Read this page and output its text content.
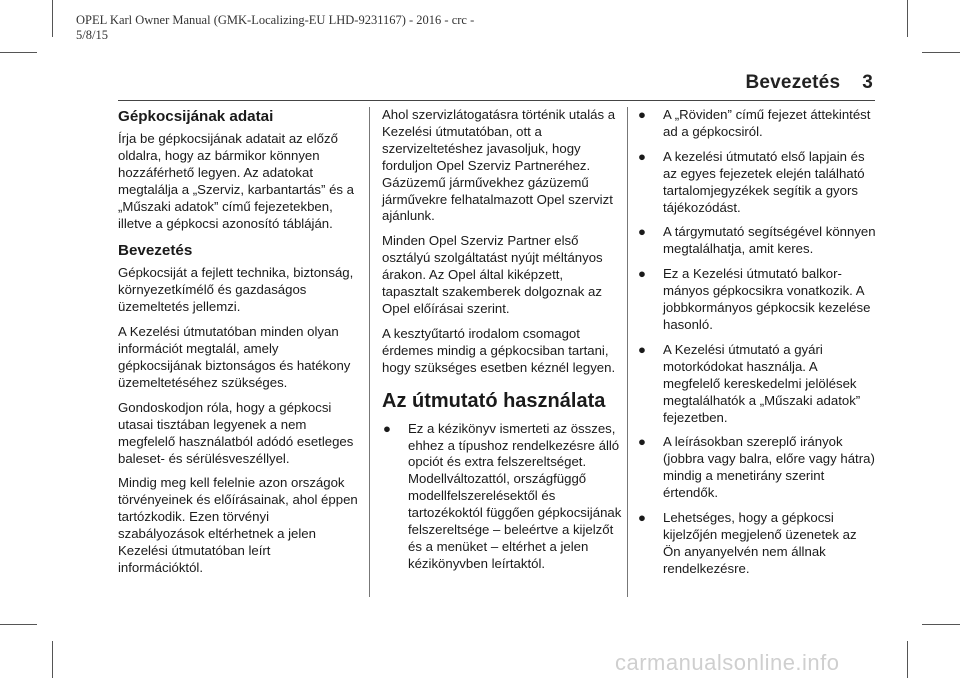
OPEL Karl Owner Manual (GMK-Localizing-EU LHD-9231167) - 2016 - crc -
5/8/15
Bevezetés 3
Gépkocsijának adatai

Írja be gépkocsijának adatait az előző oldalra, hogy az bármikor könnyen hozzáférhető legyen. Az adatokat megtalálja a „Szerviz, karbantartás” és a „Műszaki adatok” című fejezetekben, illetve a gépkocsi azonosító tábláján.

Bevezetés

Gépkocsiját a fejlett technika, biztonság, környezetkímélő és gazdaságos üzemeltetés jellemzi.

A Kezelési útmutatóban minden olyan információt megtalál, amely gépkocsijának biztonságos és hatékony üzemeltetéséhez szükséges.

Gondoskodjon róla, hogy a gépkocsi utasai tisztában legyenek a nem megfelelő használatból adódó esetleges baleset- és sérülésveszéllyel.

Mindig meg kell felelnie azon országok törvényeinek és előírásainak, ahol éppen tartózkodik. Ezen törvényi szabályozások eltérhetnek a jelen Kezelési útmutatóban leírt információktól.

Ahol szervizlátogatásra történik utalás a Kezelési útmutatóban, ott a szervizeltetéshez javasoljuk, hogy forduljon Opel Szerviz Partneréhez. Gázüzemű járművekhez gázüzemű járművekre felhatalmazott Opel szervizt ajánlunk.

Minden Opel Szerviz Partner első osztályú szolgáltatást nyújt méltányos árakon. Az Opel által kiképzett, tapasztalt szakemberek dolgoznak az Opel előírásai szerint.

A kesztyűtartó irodalom csomagot érdemes mindig a gépkocsiban tartani, hogy szükséges esetben kéznél legyen.

Az útmutató használata
● Ez a kézikönyv ismerteti az összes, ehhez a típushoz rendelkezésre álló opciót és extra felszereltséget. Modellváltozattól, országfüggő modellfelszerelésektől és tartozékoktól függően gépkocsijának felszereltsége – beleértve a kijelzőt és a menüket – eltérhet a jelen kézikönyvben leírtaktól.
● A „Röviden” című fejezet áttekintést ad a gépkocsiról.
● A kezelési útmutató első lapjain és az egyes fejezetek elején található tartalomjegyzékek segítik a gyors tájékozódást.
● A tárgymutató segítségével könnyen megtalálhatja, amit keres.
● Ez a Kezelési útmutató balkormányos gépkocsikra vonatkozik. A jobbkormányos gépkocsik kezelése hasonló.
● A Kezelési útmutató a gyári motorkódokat használja. A megfelelő kereskedelmi jelölések megtalálhatók a „Műszaki adatok” fejezetben.
● A leírásokban szereplő irányok (jobbra vagy balra, előre vagy hátra) mindig a menetirány szerint értendők.
● Lehetséges, hogy a gépkocsi kijelzőjén megjelenő üzenetek az Ön anyanyelvén nem állnak rendelkezésre.
carmanualsonline.info
